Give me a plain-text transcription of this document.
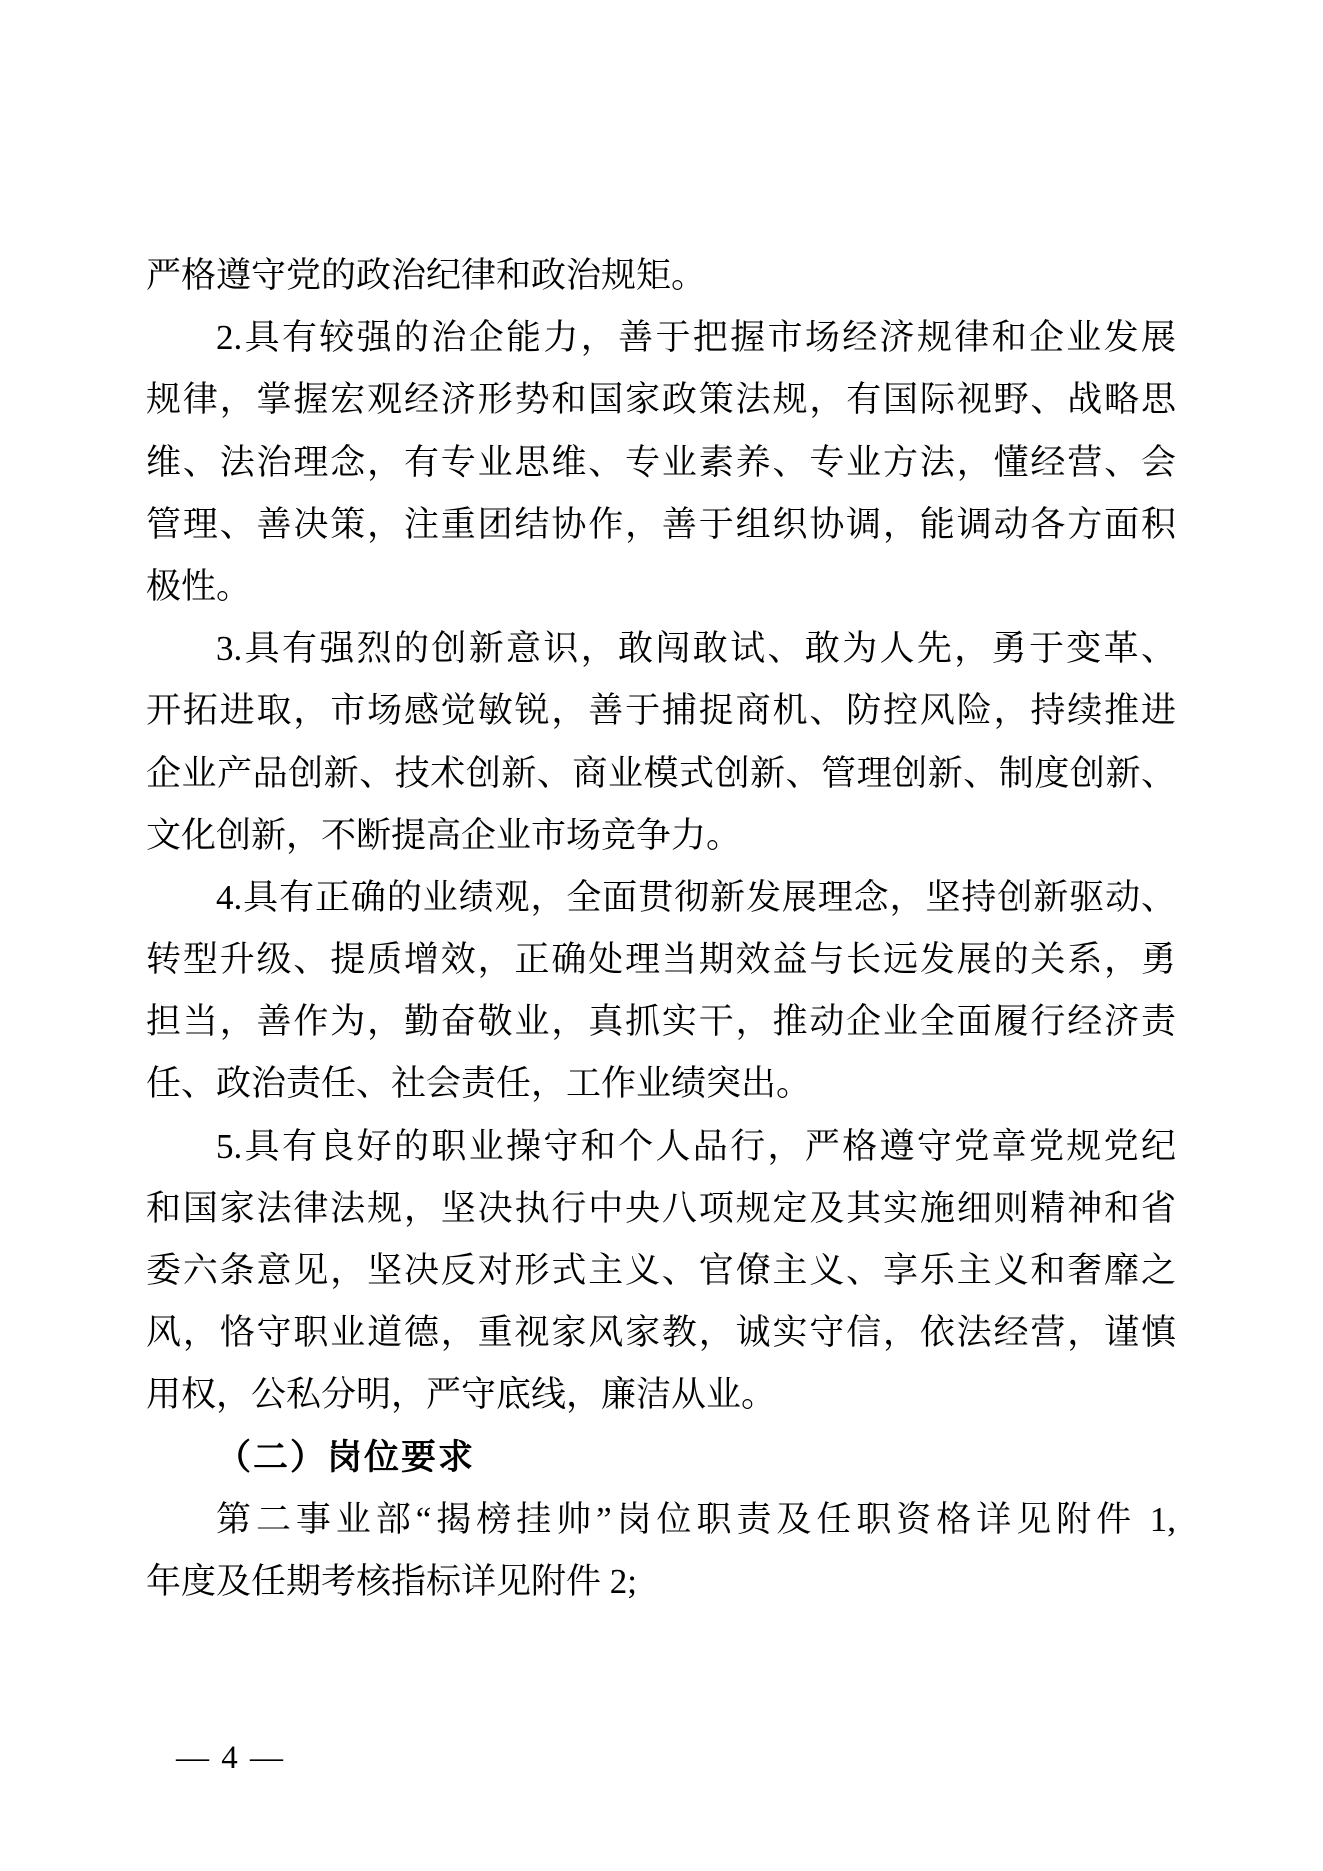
严格遵守党的政治纪律和政治规矩。
2.具有较强的治企能力，善于把握市场经济规律和企业发展
规律，掌握宏观经济形势和国家政策法规，有国际视野、战略思
维、法治理念，有专业思维、专业素养、专业方法，懂经营、会
管理、善决策，注重团结协作，善于组织协调，能调动各方面积
极性。
3.具有强烈的创新意识，敢闯敢试、敢为人先，勇于变革、
开拓进取，市场感觉敏锐，善于捕捉商机、防控风险，持续推进
企业产品创新、技术创新、商业模式创新、管理创新、制度创新、
文化创新，不断提高企业市场竞争力。
4.具有正确的业绩观，全面贯彻新发展理念，坚持创新驱动、
转型升级、提质增效，正确处理当期效益与长远发展的关系，勇
担当，善作为，勤奋敬业，真抓实干，推动企业全面履行经济责
任、政治责任、社会责任，工作业绩突出。
5.具有良好的职业操守和个人品行，严格遵守党章党规党纪
和国家法律法规，坚决执行中央八项规定及其实施细则精神和省
委六条意见，坚决反对形式主义、官僚主义、享乐主义和奢靡之
风，恪守职业道德，重视家风家教，诚实守信，依法经营，谨慎
用权，公私分明，严守底线，廉洁从业。
（二）岗位要求
第二事业部“揭榜挂帅”岗位职责及任职资格详见附件 1,
年度及任期考核指标详见附件 2;
— 4 —
